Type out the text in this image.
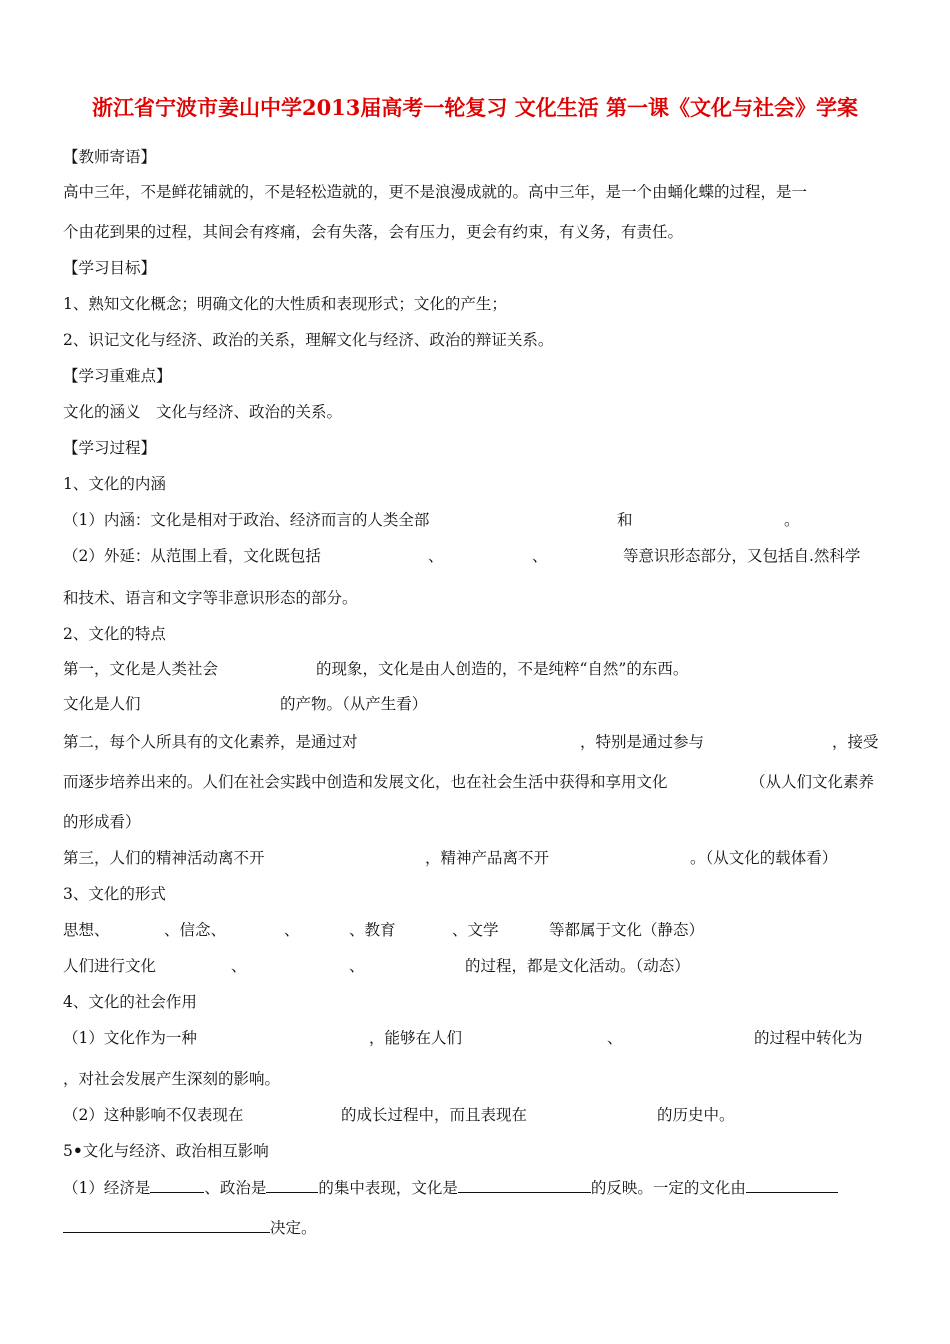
浙江省宁波市姜山中学2013届高考一轮复习 文化生活 第一课《文化与社会》学案
【教师寄语】
高中三年，不是鲜花铺就的，不是轻松造就的，更不是浪漫成就的。高中三年，是一个由蛹化蝶的过程，是一
个由花到果的过程，其间会有疼痛，会有失落，会有压力，更会有约束，有义务，有责任。
【学习目标】
1、熟知文化概念；明确文化的大性质和表现形式；文化的产生；
2、识记文化与经济、政治的关系，理解文化与经济、政治的辩证关系。
【学习重难点】
文化的涵义　文化与经济、政治的关系。
【学习过程】
1、文化的内涵
（1）内涵：文化是相对于政治、经济而言的人类全部	和	。
（2）外延：从范围上看，文化既包括	、	、	等意识形态部分，又包括自.然科学
和技术、语言和文字等非意识形态的部分。
2、文化的特点
第一，文化是人类社会	的现象，文化是由人创造的，不是纯粹“自然”的东西。
文化是人们	的产物。（从产生看）
第二，每个人所具有的文化素养，是通过对	，特别是通过参与	，接受
而逐步培养出来的。人们在社会实践中创造和发展文化，也在社会生活中获得和享用文化	（从人们文化素养
的形成看）
第三，人们的精神活动离不开	，精神产品离不开	。（从文化的载体看）
3、文化的形式
思想、	、信念、	、	、教育	、文学	等都属于文化（静态）
人们进行文化	、	、	的过程，都是文化活动。（动态）
4、文化的社会作用
（1）文化作为一种	，能够在人们	、	的过程中转化为
，对社会发展产生深刻的影响。
（2）这种影响不仅表现在	的成长过程中，而且表现在	的历史中。
5•文化与经济、政治相互影响
（1）经济是	、政治是	的集中表现，文化是	的反映。一定的文化由
决定。
